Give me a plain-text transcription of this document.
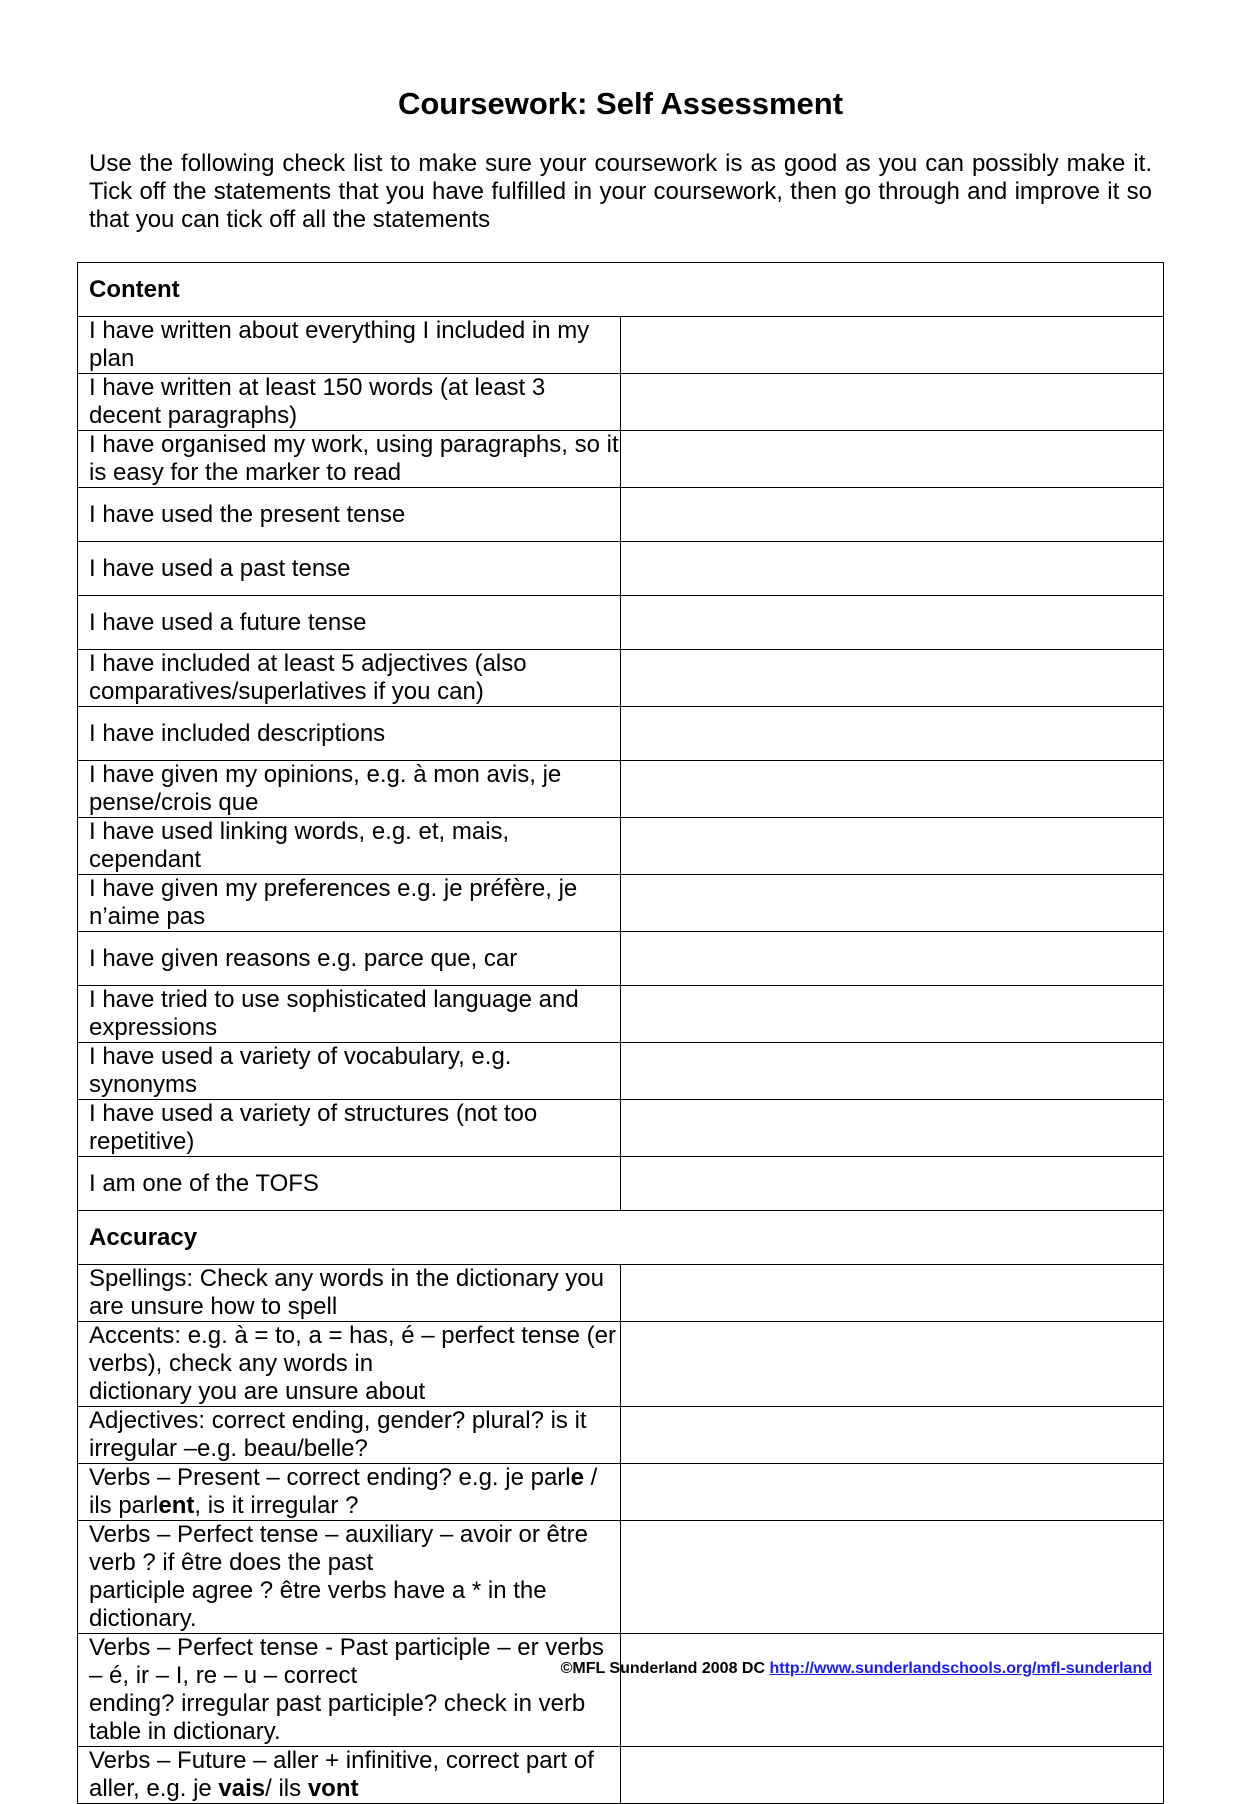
Coursework: Self Assessment

Use the following check list to make sure your coursework is as good as you can possibly make it. Tick off the statements that you have fulfilled in your coursework, then go through and improve it so that you can tick off all the statements

Content	
I have written about everything I included in my plan	
I have written at least 150 words (at least 3 decent paragraphs)	
I have organised my work, using paragraphs, so it is easy for the marker to read	
I have used the present tense	
I have used a past tense	
I have used a future tense	
I have included at least 5 adjectives (also comparatives/superlatives if you can)	
I have included descriptions	
I have given my opinions, e.g. à mon avis, je pense/crois que	
I have used linking words, e.g. et, mais, cependant	
I have given my preferences e.g. je préfère, je n’aime pas	
I have given reasons e.g. parce que, car	
I have tried to use sophisticated language and expressions	
I have used a variety of vocabulary, e.g. synonyms	
I have used a variety of structures (not too repetitive)	
I am one of the TOFS	
Accuracy	
Spellings: Check any words in the dictionary you are unsure how to spell	
Accents: e.g. à = to, a = has, é – perfect tense (er verbs), check any words in
dictionary you are unsure about	
Adjectives: correct ending, gender? plural? is it irregular –e.g. beau/belle?	
Verbs – Present – correct ending? e.g. je parle / ils parlent, is it irregular ?	
Verbs – Perfect tense – auxiliary – avoir or être verb ? if être does the past
participle agree ? être verbs have a * in the dictionary.	
Verbs – Perfect tense - Past participle – er verbs – é, ir – I, re – u – correct
ending? irregular past participle? check in verb table in dictionary.	
Verbs – Future – aller + infinitive, correct part of aller, e.g. je vais/ ils vont	
©MFL Sunderland 2008 DC http://www.sunderlandschools.org/mfl-sunderland
